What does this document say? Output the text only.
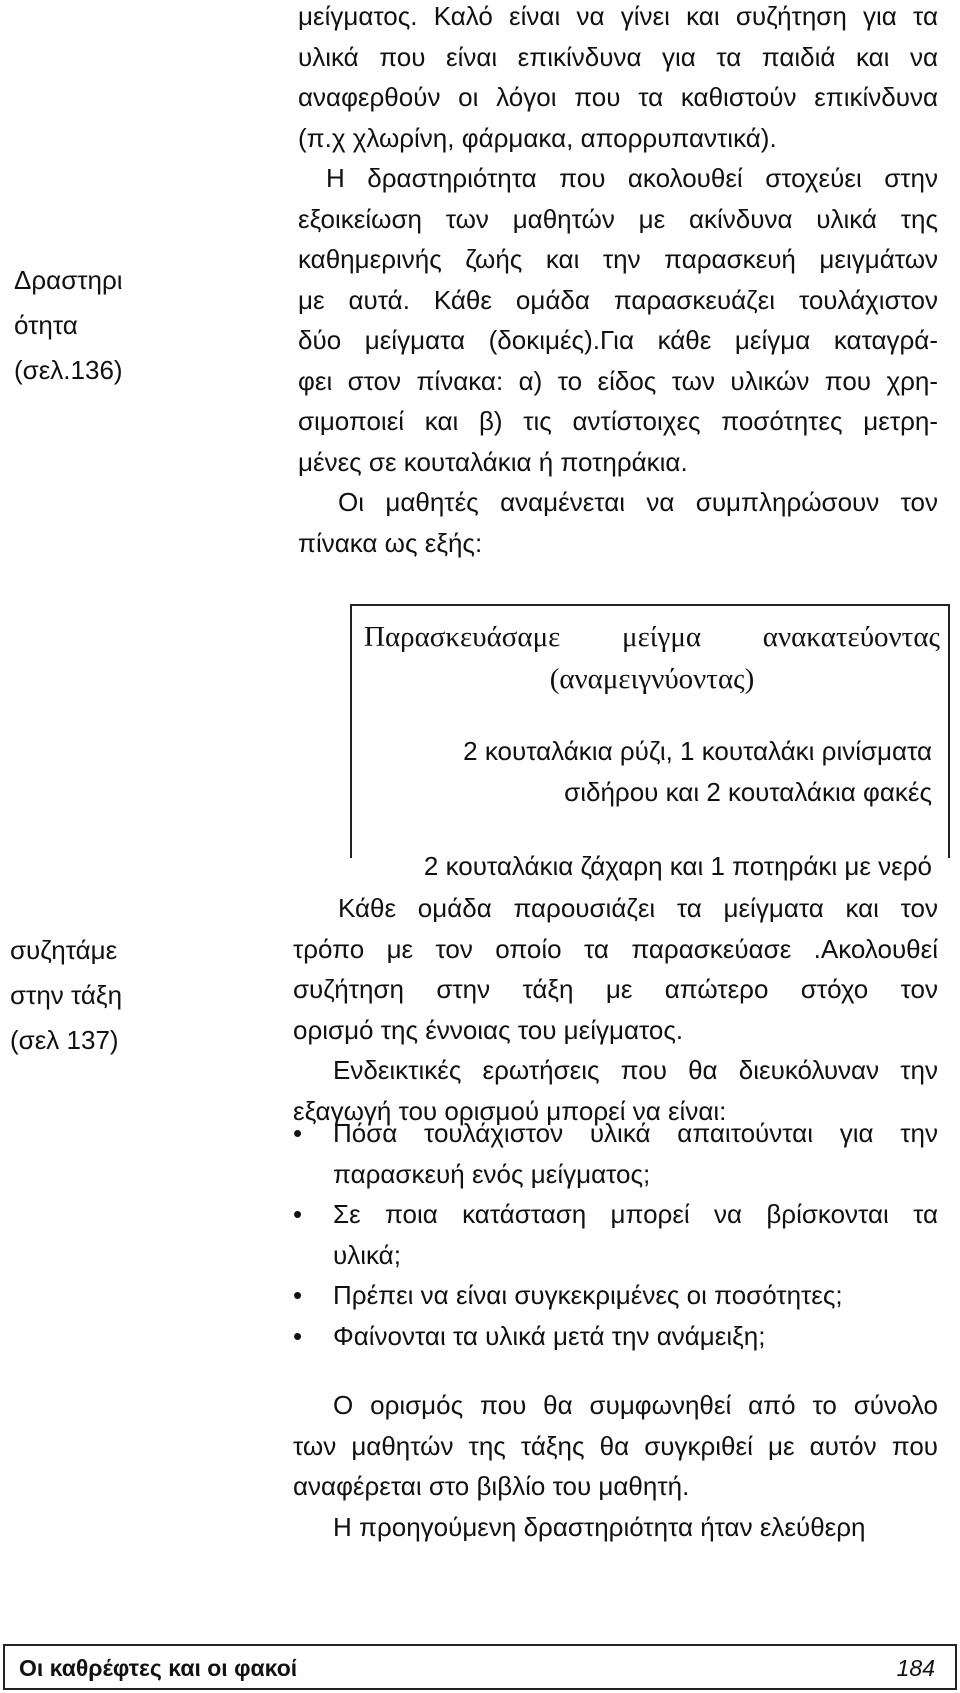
Δραστηρι
ότητα
(σελ.136)
συζητάμε
στην τάξη
(σελ 137)
μείγματος. Καλό είναι να γίνει και συζήτηση για τα
υλικά που είναι επικίνδυνα για τα παιδιά και να
αναφερθούν οι λόγοι που τα καθιστούν επικίνδυνα
(π.χ χλωρίνη, φάρμακα, απορρυπαντικά).
Η δραστηριότητα που ακολουθεί στοχεύει στην
εξοικείωση των μαθητών με ακίνδυνα υλικά της
καθημερινής ζωής και την παρασκευή μειγμάτων
με αυτά. Κάθε ομάδα παρασκευάζει τουλάχιστον
δύο μείγματα (δοκιμές).Για κάθε μείγμα καταγρά-
φει στον πίνακα: α) το είδος των υλικών που χρη-
σιμοποιεί και β) τις αντίστοιχες ποσότητες μετρη-
μένες σε κουταλάκια ή ποτηράκια.
Οι μαθητές αναμένεται να συμπληρώσουν τον
πίνακα ως εξής:
Παρασκευάσαμε μείγμα ανακατεύοντας
(αναμειγνύοντας)
2 κουταλάκια ρύζι, 1 κουταλάκι ρινίσματα
σιδήρου και 2 κουταλάκια φακές
2 κουταλάκια ζάχαρη και 1 ποτηράκι με νερό
Κάθε ομάδα παρουσιάζει τα μείγματα και τον
τρόπο με τον οποίο τα παρασκεύασε .Ακολουθεί
συζήτηση στην τάξη με απώτερο στόχο τον
ορισμό της έννοιας του μείγματος.
Ενδεικτικές ερωτήσεις που θα διευκόλυναν την
εξαγωγή του ορισμού μπορεί να είναι:
• Πόσα τουλάχιστον υλικά απαιτούνται για την
παρασκευή ενός μείγματος;
• Σε ποια κατάσταση μπορεί να βρίσκονται τα
υλικά;
• Πρέπει να είναι συγκεκριμένες οι ποσότητες;
• Φαίνονται τα υλικά μετά την ανάμειξη;
Ο ορισμός που θα συμφωνηθεί από το σύνολο
των μαθητών της τάξης θα συγκριθεί με αυτόν που
αναφέρεται στο βιβλίο του μαθητή.
Η προηγούμενη δραστηριότητα ήταν ελεύθερη
Οι καθρέφτες και οι φακοί	184
